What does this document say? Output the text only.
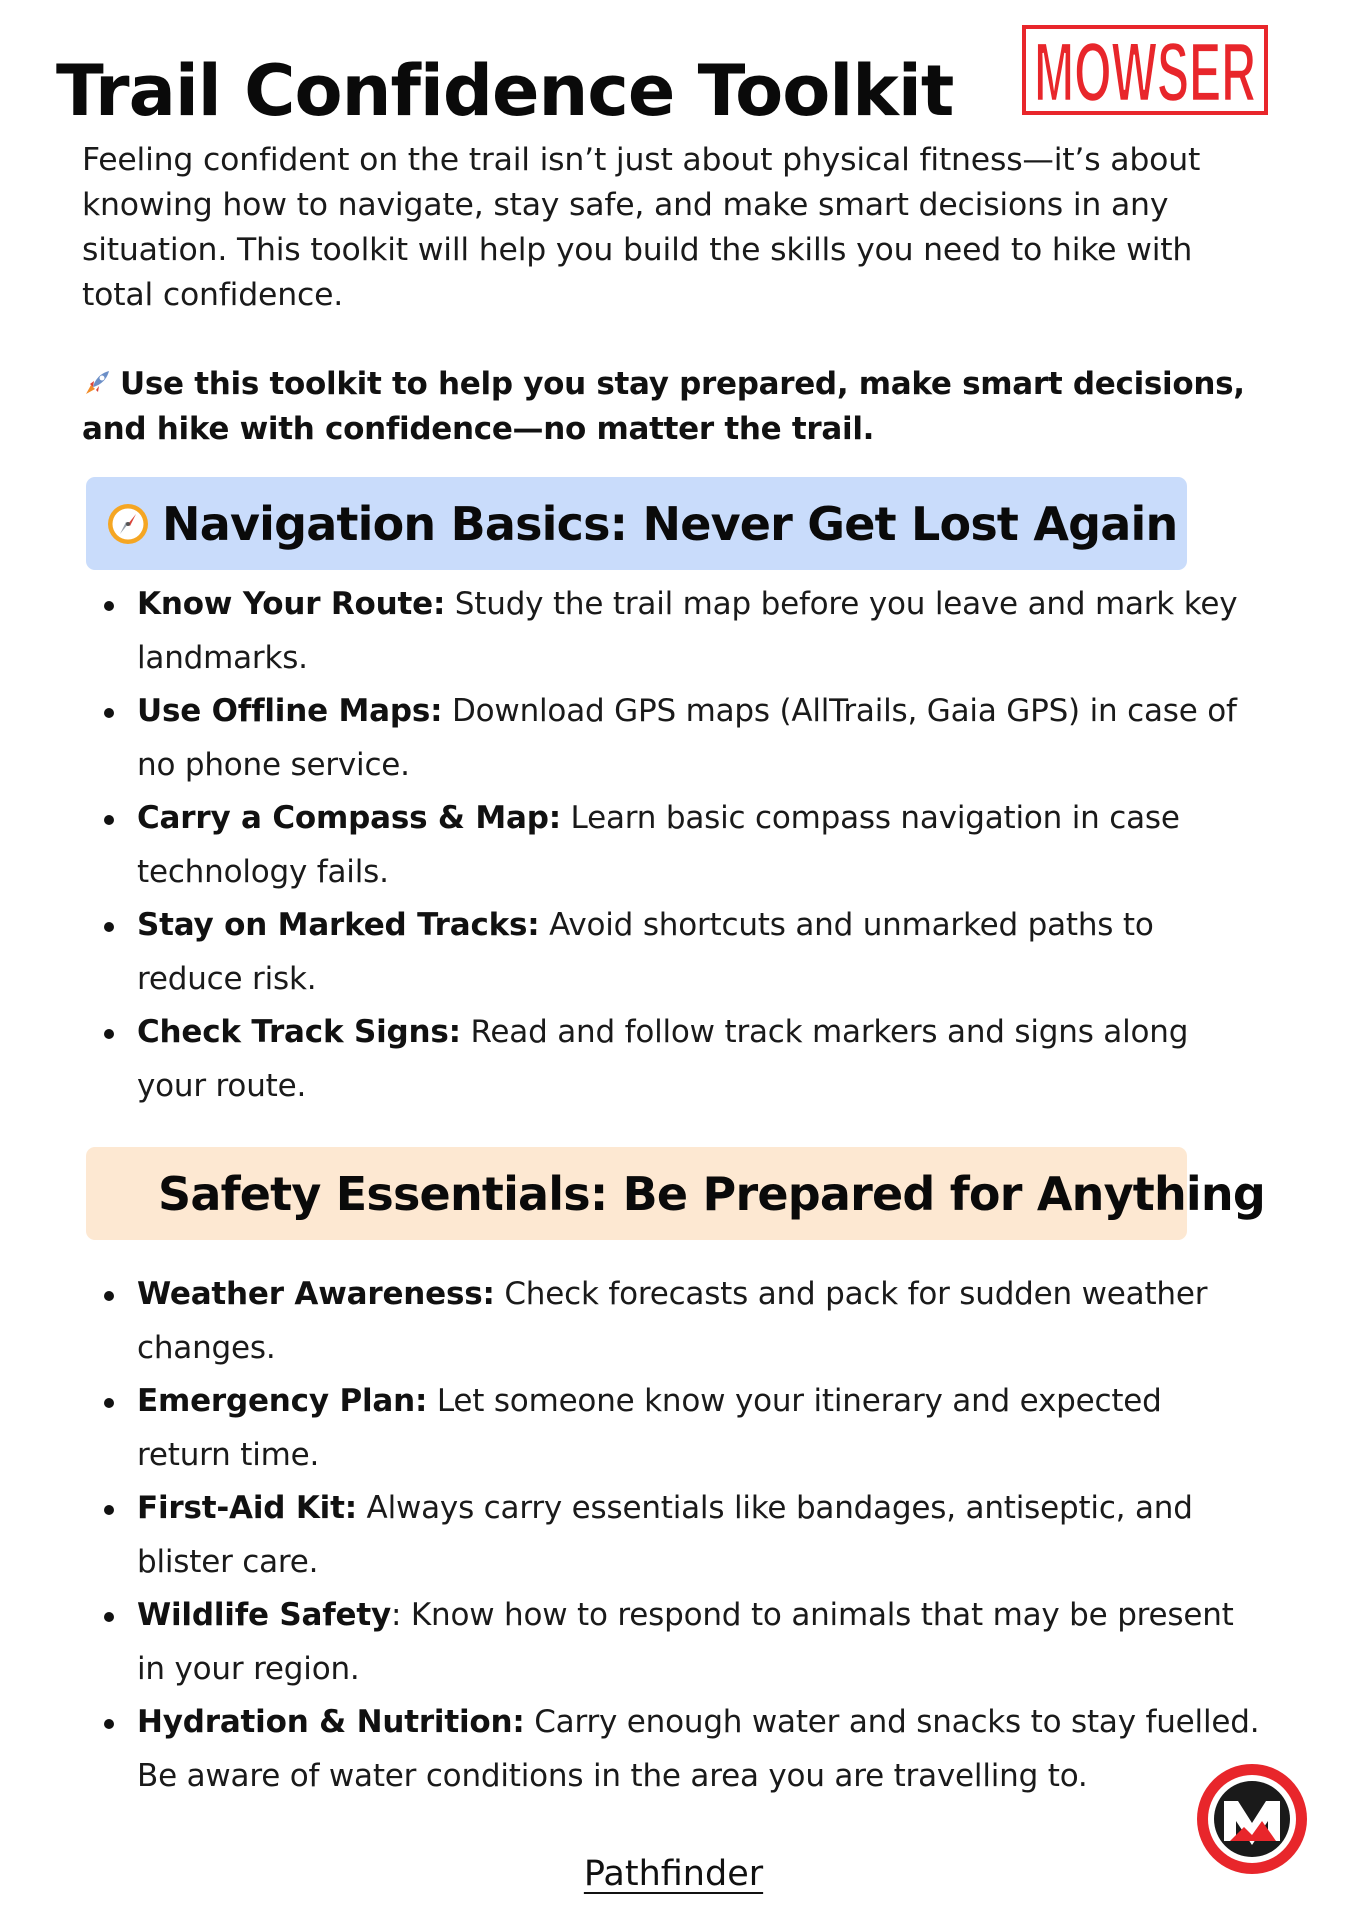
Trail Confidence Toolkit MOWSER
Feeling confident on the trail isn’t just about physical fitness—it’s about knowing how to navigate, stay safe, and make smart decisions in any situation. This toolkit will help you build the skills you need to hike with total confidence.
Use this toolkit to help you stay prepared, make smart decisions, and hike with confidence—no matter the trail.
Navigation Basics: Never Get Lost Again
Know Your Route: Study the trail map before you leave and mark key landmarks.
Use Offline Maps: Download GPS maps (AllTrails, Gaia GPS) in case of no phone service.
Carry a Compass & Map: Learn basic compass navigation in case technology fails.
Stay on Marked Tracks: Avoid shortcuts and unmarked paths to reduce risk.
Check Track Signs: Read and follow track markers and signs along your route.
Safety Essentials: Be Prepared for Anything
Weather Awareness: Check forecasts and pack for sudden weather changes.
Emergency Plan: Let someone know your itinerary and expected return time.
First-Aid Kit: Always carry essentials like bandages, antiseptic, and blister care.
Wildlife Safety: Know how to respond to animals that may be present in your region.
Hydration & Nutrition: Carry enough water and snacks to stay fuelled. Be aware of water conditions in the area you are travelling to.
Pathfinder
